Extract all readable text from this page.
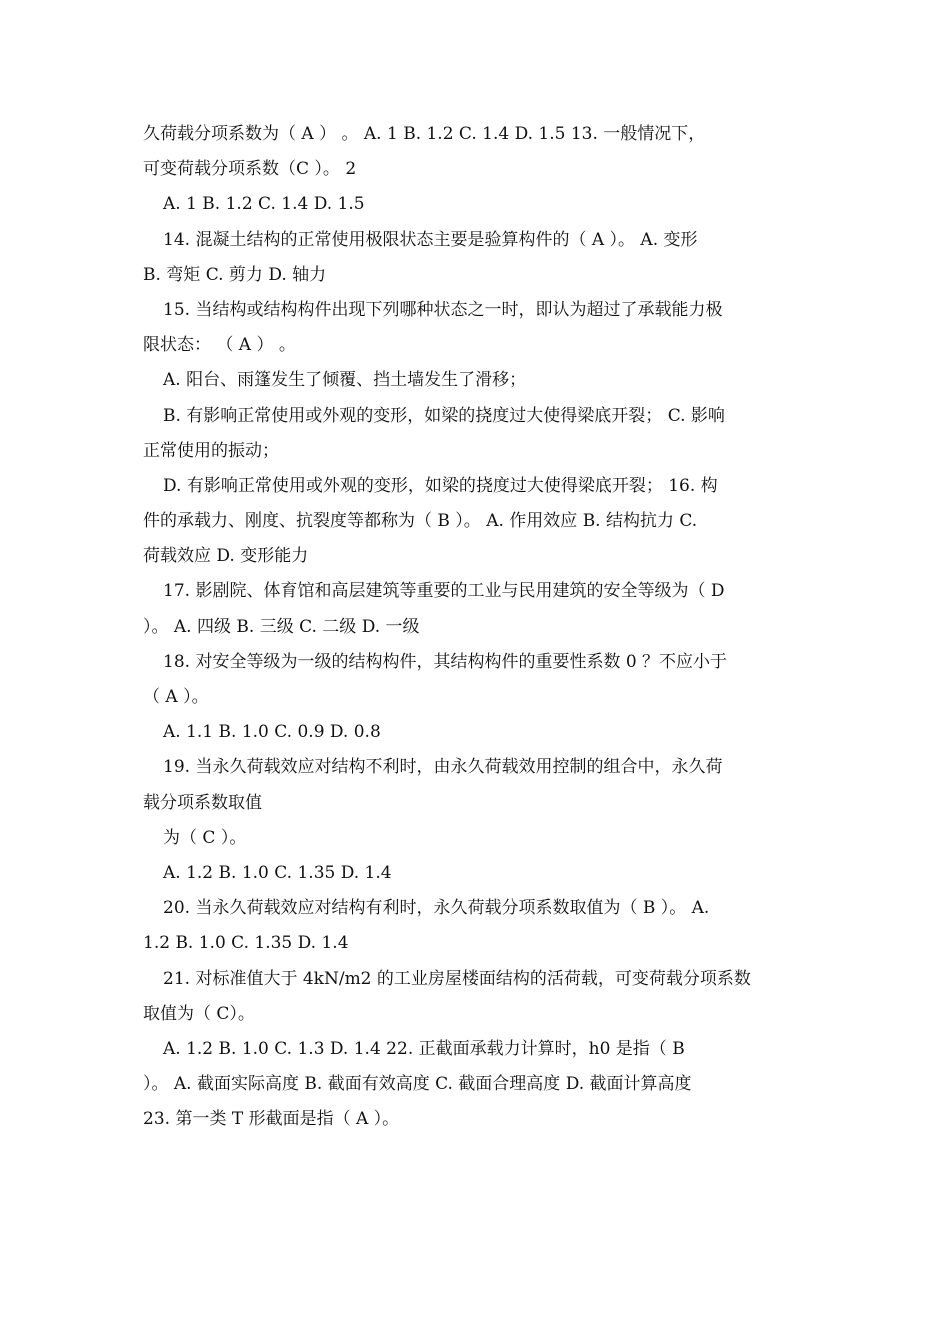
久荷载分项系数为（ A ） 。 A. 1 B. 1.2 C. 1.4 D. 1.5 13. 一般情况下，
可变荷载分项系数（C ）。 2
A. 1 B. 1.2 C. 1.4 D. 1.5
14. 混凝土结构的正常使用极限状态主要是验算构件的（ A ）。 A. 变形
B. 弯矩 C. 剪力 D. 轴力
15. 当结构或结构构件出现下列哪种状态之一时，即认为超过了承载能力极
限状态： （ A ） 。
A. 阳台、雨篷发生了倾覆、挡土墙发生了滑移；
B. 有影响正常使用或外观的变形，如梁的挠度过大使得梁底开裂； C. 影响
正常使用的振动；
D. 有影响正常使用或外观的变形，如梁的挠度过大使得梁底开裂； 16. 构
件的承载力、刚度、抗裂度等都称为（ B ）。 A. 作用效应 B. 结构抗力 C.
荷载效应 D. 变形能力
17. 影剧院、体育馆和高层建筑等重要的工业与民用建筑的安全等级为（ D
）。 A. 四级 B. 三级 C. 二级 D. 一级
18. 对安全等级为一级的结构构件，其结构构件的重要性系数 0 ？不应小于
（ A ）。
A. 1.1 B. 1.0 C. 0.9 D. 0.8
19. 当永久荷载效应对结构不利时，由永久荷载效用控制的组合中，永久荷
载分项系数取值
为（ C ）。
A. 1.2 B. 1.0 C. 1.35 D. 1.4
20. 当永久荷载效应对结构有利时，永久荷载分项系数取值为（ B ）。 A.
1.2 B. 1.0 C. 1.35 D. 1.4
21. 对标准值大于 4kN/m2 的工业房屋楼面结构的活荷载，可变荷载分项系数
取值为（ C）。
A. 1.2 B. 1.0 C. 1.3 D. 1.4 22. 正截面承载力计算时，h0 是指（ B
）。 A. 截面实际高度 B. 截面有效高度 C. 截面合理高度 D. 截面计算高度
23. 第一类 T 形截面是指（ A ）。
